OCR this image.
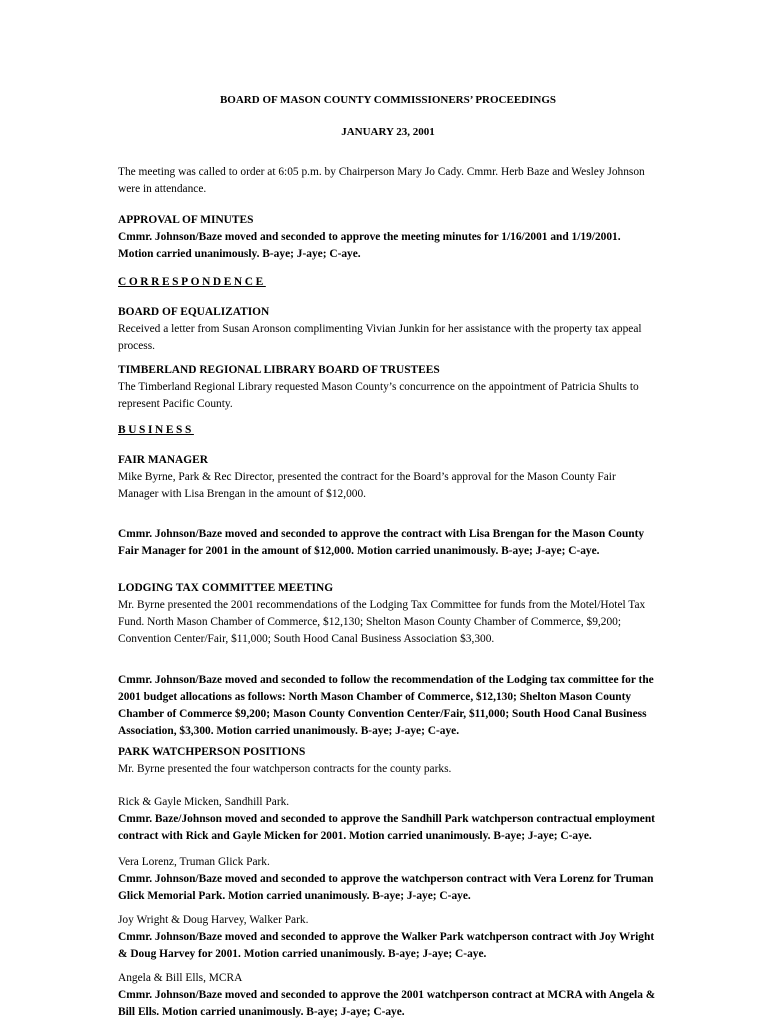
BOARD OF MASON COUNTY COMMISSIONERS’ PROCEEDINGS
JANUARY 23, 2001
The meeting was called to order at 6:05 p.m. by Chairperson Mary Jo Cady. Cmmr. Herb Baze and Wesley Johnson were in attendance.
APPROVAL OF MINUTES
Cmmr. Johnson/Baze moved and seconded to approve the meeting minutes for 1/16/2001 and 1/19/2001. Motion carried unanimously. B-aye; J-aye; C-aye.
CORRESPONDENCE
BOARD OF EQUALIZATION
Received a letter from Susan Aronson complimenting Vivian Junkin for her assistance with the property tax appeal process.
TIMBERLAND REGIONAL LIBRARY BOARD OF TRUSTEES
The Timberland Regional Library requested Mason County’s concurrence on the appointment of Patricia Shults to represent Pacific County.
BUSINESS
FAIR MANAGER
Mike Byrne, Park & Rec Director, presented the contract for the Board’s approval for the Mason County Fair Manager with Lisa Brengan in the amount of $12,000.
Cmmr. Johnson/Baze moved and seconded to approve the contract with Lisa Brengan for the Mason County Fair Manager for 2001 in the amount of $12,000. Motion carried unanimously. B-aye; J-aye; C-aye.
LODGING TAX COMMITTEE MEETING
Mr. Byrne presented the 2001 recommendations of the Lodging Tax Committee for funds from the Motel/Hotel Tax Fund. North Mason Chamber of Commerce, $12,130; Shelton Mason County Chamber of Commerce, $9,200; Convention Center/Fair, $11,000; South Hood Canal Business Association $3,300.
Cmmr. Johnson/Baze moved and seconded to follow the recommendation of the Lodging tax committee for the 2001 budget allocations as follows: North Mason Chamber of Commerce, $12,130; Shelton Mason County Chamber of Commerce $9,200; Mason County Convention Center/Fair, $11,000; South Hood Canal Business Association, $3,300. Motion carried unanimously. B-aye; J-aye; C-aye.
PARK WATCHPERSON POSITIONS
Mr. Byrne presented the four watchperson contracts for the county parks.
Rick & Gayle Micken, Sandhill Park.
Cmmr. Baze/Johnson moved and seconded to approve the Sandhill Park watchperson contractual employment contract with Rick and Gayle Micken for 2001. Motion carried unanimously. B-aye; J-aye; C-aye.
Vera Lorenz, Truman Glick Park.
Cmmr. Johnson/Baze moved and seconded to approve the watchperson contract with Vera Lorenz for Truman Glick Memorial Park. Motion carried unanimously. B-aye; J-aye; C-aye.
Joy Wright & Doug Harvey, Walker Park.
Cmmr. Johnson/Baze moved and seconded to approve the Walker Park watchperson contract with Joy Wright & Doug Harvey for 2001. Motion carried unanimously. B-aye; J-aye; C-aye.
Angela & Bill Ells, MCRA
Cmmr. Johnson/Baze moved and seconded to approve the 2001 watchperson contract at MCRA with Angela & Bill Ells. Motion carried unanimously. B-aye; J-aye; C-aye.
